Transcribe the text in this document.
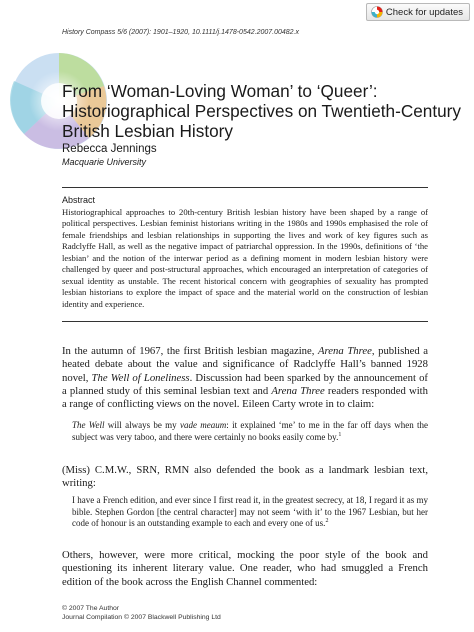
Check for updates
History Compass 5/6 (2007): 1901–1920, 10.1111/j.1478-0542.2007.00482.x
From ‘Woman-Loving Woman’ to ‘Queer’: Historiographical Perspectives on Twentieth-Century British Lesbian History
Rebecca Jennings
Macquarie University
Abstract

Historiographical approaches to 20th-century British lesbian history have been shaped by a range of political perspectives. Lesbian feminist historians writing in the 1980s and 1990s emphasised the role of female friendships and lesbian relationships in supporting the lives and work of key figures such as Radclyffe Hall, as well as the negative impact of patriarchal oppression. In the 1990s, definitions of ‘the lesbian’ and the notion of the interwar period as a defining moment in modern lesbian history were challenged by queer and post-structural approaches, which encouraged an interpretation of categories of sexual identity as unstable. The recent historical concern with geographies of sexuality has prompted lesbian historians to explore the impact of space and the material world on the construction of lesbian identity and experience.

In the autumn of 1967, the first British lesbian magazine, Arena Three, published a heated debate about the value and significance of Radclyffe Hall’s banned 1928 novel, The Well of Loneliness. Discussion had been sparked by the announcement of a planned study of this seminal lesbian text and Arena Three readers responded with a range of conflicting views on the novel. Eileen Carty wrote in to claim:

The Well will always be my vade meaum: it explained ‘me’ to me in the far off days when the subject was very taboo, and there were certainly no books easily come by.$^1$

(Miss) C.M.W., SRN, RMN also defended the book as a landmark lesbian text, writing:

I have a French edition, and ever since I first read it, in the greatest secrecy, at 18, I regard it as my bible. Stephen Gordon [the central character] may not seem ‘with it’ to the 1967 Lesbian, but her code of honour is an outstanding example to each and every one of us.$^2$

Others, however, were more critical, mocking the poor style of the book and questioning its inherent literary value. One reader, who had smuggled a French edition of the book across the English Channel commented:

© 2007 The Author
Journal Compilation © 2007 Blackwell Publishing Ltd
